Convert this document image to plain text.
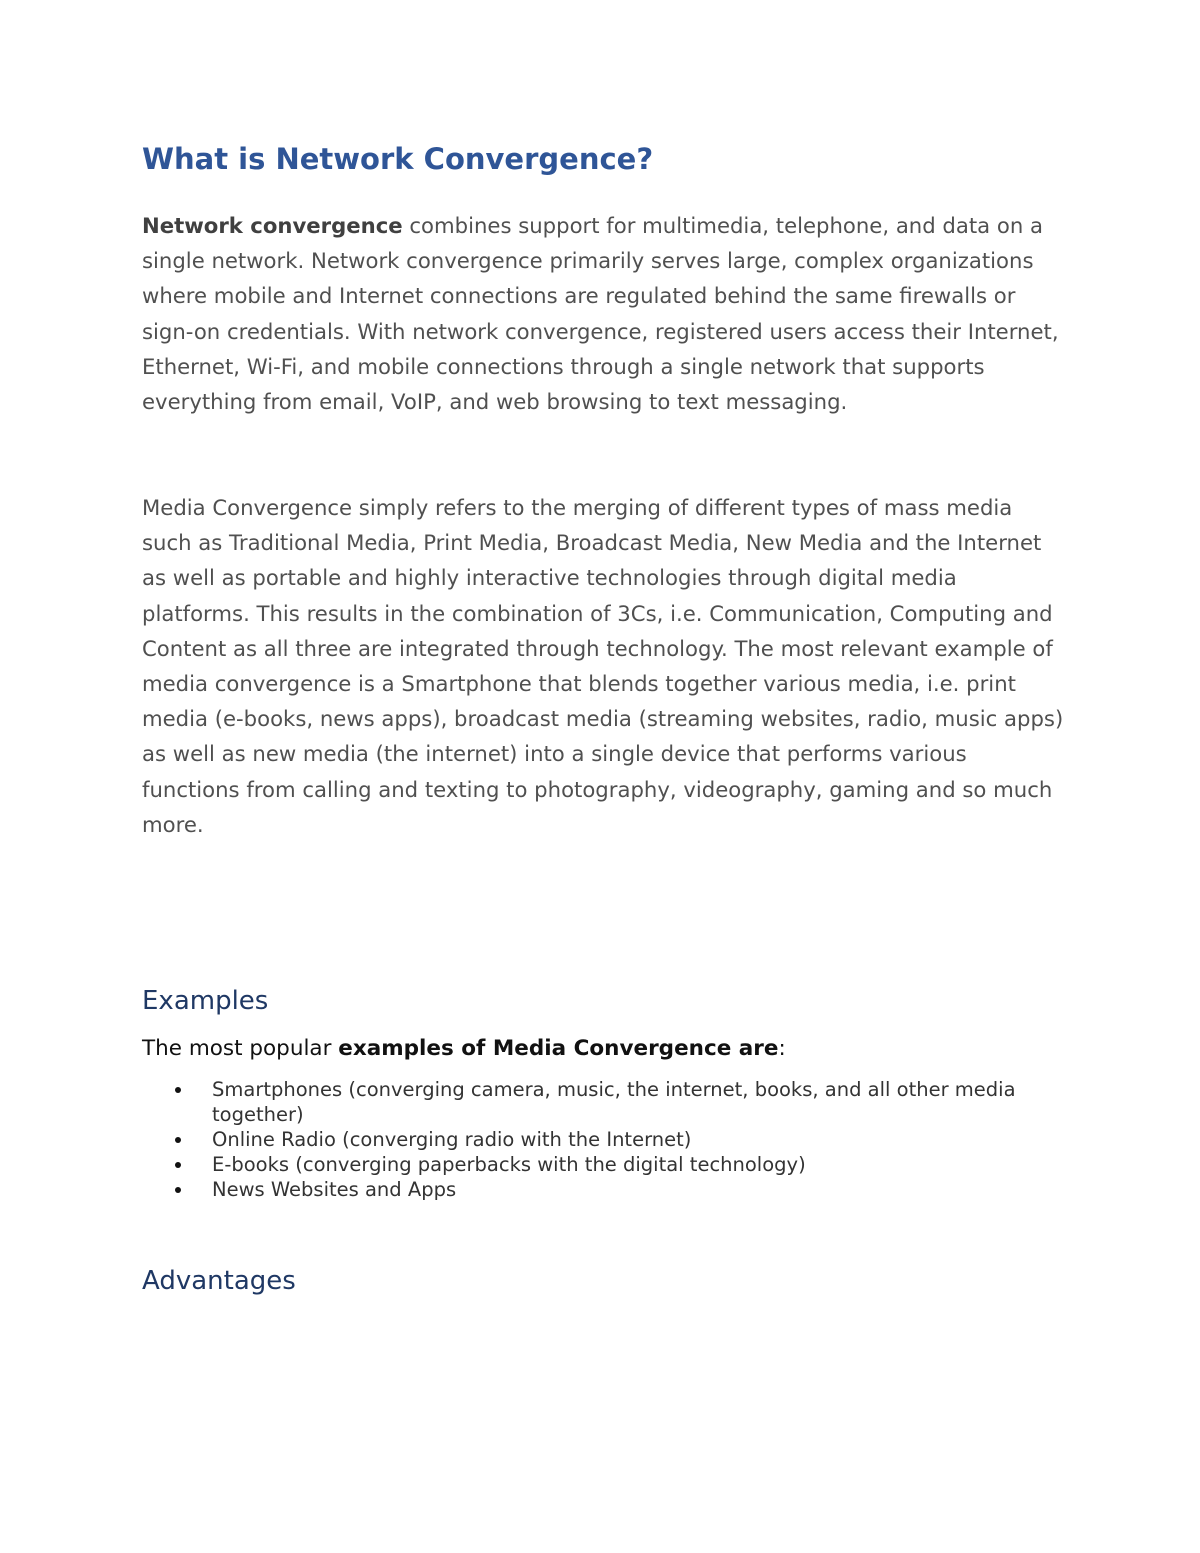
What is Network Convergence?

Network convergence combines support for multimedia, telephone, and data on a single network. Network convergence primarily serves large, complex organizations where mobile and Internet connections are regulated behind the same firewalls or sign-on credentials. With network convergence, registered users access their Internet, Ethernet, Wi-Fi, and mobile connections through a single network that supports everything from email, VoIP, and web browsing to text messaging.

Media Convergence simply refers to the merging of different types of mass media such as Traditional Media, Print Media, Broadcast Media, New Media and the Internet as well as portable and highly interactive technologies through digital media platforms. This results in the combination of 3Cs, i.e. Communication, Computing and Content as all three are integrated through technology. The most relevant example of media convergence is a Smartphone that blends together various media, i.e. print media (e-books, news apps), broadcast media (streaming websites, radio, music apps) as well as new media (the internet) into a single device that performs various functions from calling and texting to photography, videography, gaming and so much more.

Examples

The most popular examples of Media Convergence are:

Smartphones (converging camera, music, the internet, books, and all other media together)
Online Radio (converging radio with the Internet)
E-books (converging paperbacks with the digital technology)
News Websites and Apps
Advantages
